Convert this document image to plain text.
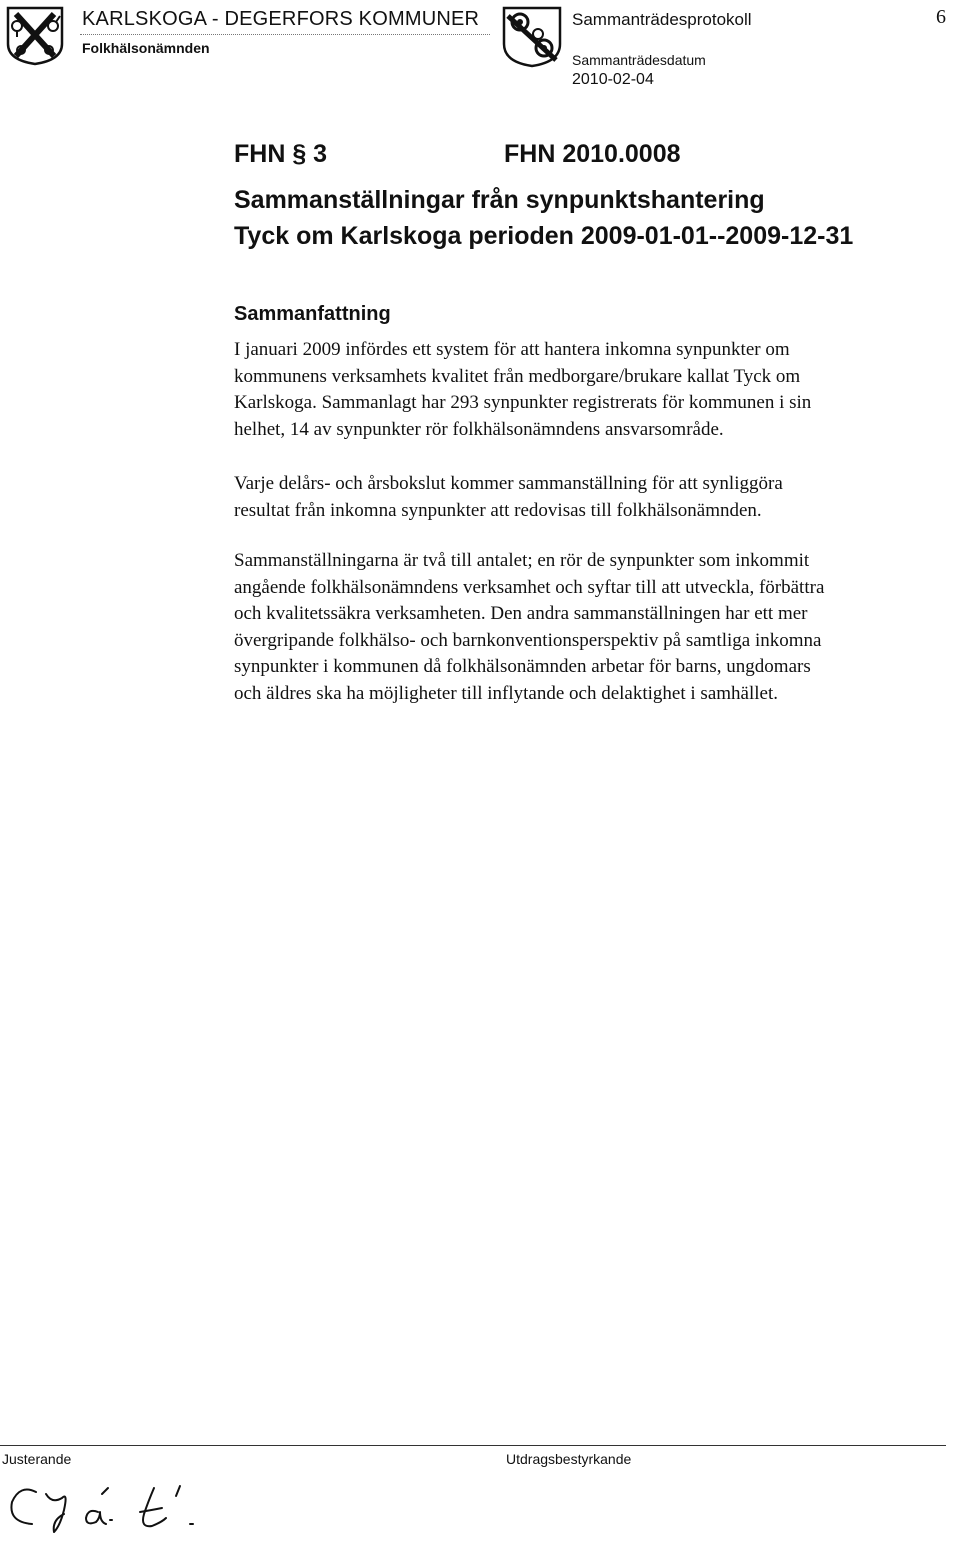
KARLSKOGA - DEGERFORS KOMMUNER
Folkhälsonämnden
Sammanträdesprotokoll	6
Sammanträdesdatum
2010-02-04
FHN § 3	FHN 2010.0008
Sammanställningar från synpunktshantering
Tyck om Karlskoga perioden 2009-01-01--2009-12-31
Sammanfattning
I januari 2009 infördes ett system för att hantera inkomna synpunkter om
kommunens verksamhets kvalitet från medborgare/brukare kallat Tyck om
Karlskoga. Sammanlagt har 293 synpunkter registrerats för kommunen i sin
helhet, 14 av synpunkter rör folkhälsonämndens ansvarsområde.
Varje delårs- och årsbokslut kommer sammanställning för att synliggöra
resultat från inkomna synpunkter att redovisas till folkhälsonämnden.
Sammanställningarna är två till antalet; en rör de synpunkter som inkommit
angående folkhälsonämndens verksamhet och syftar till att utveckla, förbättra
och kvalitetssäkra verksamheten. Den andra sammanställningen har ett mer
övergripande folkhälso- och barnkonventionsperspektiv på samtliga inkomna
synpunkter i kommunen då folkhälsonämnden arbetar för barns, ungdomars
och äldres ska ha möjligheter till inflytande och delaktighet i samhället.
Justerande	Utdragsbestyrkande
